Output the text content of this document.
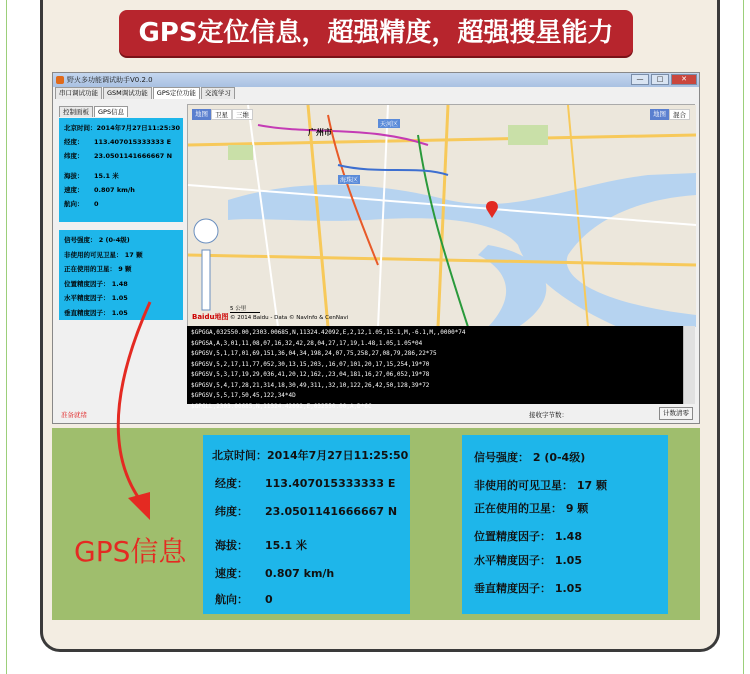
GPS定位信息，超强精度，超强搜星能力
野火多功能调试助手V0.2.0	—	□	✕
串口调试功能	GSM调试功能	GPS定位功能	交流学习
控制面板	GPS信息
北京时间：2014年7月27日11:25:30
经度： 113.407015333333 E
纬度： 23.0501141666667 N
海拔： 15.1 米
速度： 0.807 km/h
航向： 0
信号强度： 2 (0-4级)
非使用的可见卫星： 17 颗
正在使用的卫星： 9 颗
位置精度因子： 1.48
水平精度因子： 1.05
垂直精度因子： 1.05
地图	卫星	三维	地图	混合
广州市
天河区
海珠区
Baidu地图 © 2014 Baidu - Data © NavInfo & CenNavi
5 公里
$GPGGA,032550.00,2303.00685,N,11324.42092,E,2,12,1.05,15.1,M,-6.1,M,,0000*74
$GPGSA,A,3,01,11,08,07,16,32,42,28,04,27,17,19,1.48,1.05,1.05*04
$GPGSV,5,1,17,01,69,151,36,04,34,198,24,07,75,258,27,08,79,286,22*75
$GPGSV,5,2,17,11,77,052,30,13,15,203,,16,07,101,20,17,15,254,19*70
$GPGSV,5,3,17,19,29,036,41,20,12,162,,23,04,181,16,27,06,052,19*78
$GPGSV,5,4,17,28,21,314,18,30,49,311,,32,10,122,26,42,50,128,39*72
$GPGSV,5,5,17,50,45,122,34*4D
$GPGLL,2303.00685,N,11324.42092,E,032550.00,A,D*6C
准备就绪	接收字节数：	计数清零
北京时间：2014年7月27日11:25:50
经度： 113.407015333333 E
纬度： 23.0501141666667 N
海拔： 15.1 米
速度： 0.807 km/h
航向： 0
信号强度： 2 (0-4级)
非使用的可见卫星： 17 颗
正在使用的卫星： 9 颗
位置精度因子： 1.48
水平精度因子： 1.05
垂直精度因子： 1.05
GPS信息
